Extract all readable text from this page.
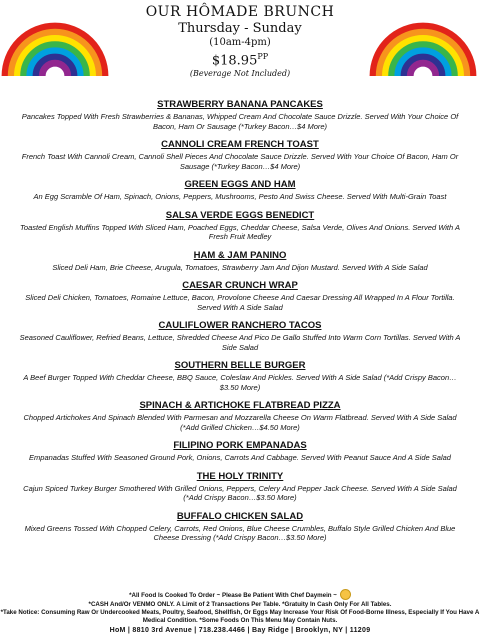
OUR HÔMADE BRUNCH
Thursday - Sunday
(10am-4pm)
$\$18.95^{PP}$
(Beverage Not Included)
STRAWBERRY BANANA PANCAKES
Pancakes Topped With Fresh Strawberries & Bananas, Whipped Cream And Chocolate Sauce Drizzle. Served With Your Choice Of Bacon, Ham Or Sausage (*Turkey Bacon…$4 More)
CANNOLI CREAM FRENCH TOAST
French Toast With Cannoli Cream, Cannoli Shell Pieces And Chocolate Sauce Drizzle. Served With Your Choice Of Bacon, Ham Or Sausage (*Turkey Bacon…$4 More)
GREEN EGGS AND HAM
An Egg Scramble Of Ham, Spinach, Onions, Peppers, Mushrooms, Pesto And Swiss Cheese. Served With Multi-Grain Toast
SALSA VERDE EGGS BENEDICT
Toasted English Muffins Topped With Sliced Ham, Poached Eggs, Cheddar Cheese, Salsa Verde, Olives And Onions. Served With A Fresh Fruit Medley
HAM & JAM PANINO
Sliced Deli Ham, Brie Cheese, Arugula, Tomatoes, Strawberry Jam And Dijon Mustard. Served With A Side Salad
CAESAR CRUNCH WRAP
Sliced Deli Chicken, Tomatoes, Romaine Lettuce, Bacon, Provolone Cheese And Caesar Dressing All Wrapped In A Flour Tortilla. Served With A Side Salad
CAULIFLOWER RANCHERO TACOS
Seasoned Cauliflower, Refried Beans, Lettuce, Shredded Cheese And Pico De Gallo Stuffed Into Warm Corn Tortillas. Served With A Side Salad
SOUTHERN BELLE BURGER
A Beef Burger Topped With Cheddar Cheese, BBQ Sauce, Coleslaw And Pickles. Served With A Side Salad (*Add Crispy Bacon…$3.50 More)
SPINACH & ARTICHOKE FLATBREAD PIZZA
Chopped Artichokes And Spinach Blended With Parmesan and Mozzarella Cheese On Warm Flatbread. Served With A Side Salad (*Add Grilled Chicken…$4.50 More)
FILIPINO PORK EMPANADAS
Empanadas Stuffed With Seasoned Ground Pork, Onions, Carrots And Cabbage. Served With Peanut Sauce And A Side Salad
THE HOLY TRINITY
Cajun Spiced Turkey Burger Smothered With Grilled Onions, Peppers, Celery And Pepper Jack Cheese. Served With A Side Salad (*Add Crispy Bacon…$3.50 More)
BUFFALO CHICKEN SALAD
Mixed Greens Tossed With Chopped Celery, Carrots, Red Onions, Blue Cheese Crumbles, Buffalo Style Grilled Chicken And Blue Cheese Dressing (*Add Crispy Bacon…$3.50 More)
*All Food Is Cooked To Order ~ Please Be Patient With Chef Daymein ~
*CASH And/Or VENMO ONLY. A Limit of 2 Transactions Per Table. *Gratuity In Cash Only For All Tables.
*Take Notice: Consuming Raw Or Undercooked Meats, Poultry, Seafood, Shellfish, Or Eggs May Increase Your Risk Of Food-Borne Illness, Especially If You Have A Medical Condition. *Some Foods On This Menu May Contain Nuts.
HoM | 8810 3rd Avenue | 718.238.4466 | Bay Ridge | Brooklyn, NY | 11209
